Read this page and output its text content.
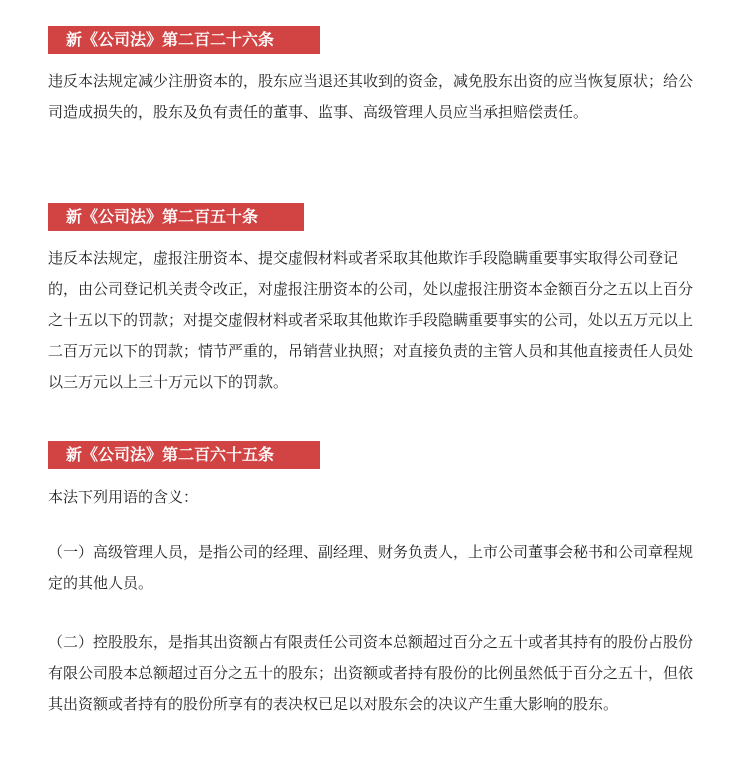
新《公司法》第二百二十六条
违反本法规定减少注册资本的，股东应当退还其收到的资金，减免股东出资的应当恢复原状；给公司造成损失的，股东及负有责任的董事、监事、高级管理人员应当承担赔偿责任。
新《公司法》第二百五十条
违反本法规定，虚报注册资本、提交虚假材料或者采取其他欺诈手段隐瞒重要事实取得公司登记的，由公司登记机关责令改正，对虚报注册资本的公司，处以虚报注册资本金额百分之五以上百分之十五以下的罚款；对提交虚假材料或者采取其他欺诈手段隐瞒重要事实的公司，处以五万元以上二百万元以下的罚款；情节严重的，吊销营业执照；对直接负责的主管人员和其他直接责任人员处以三万元以上三十万元以下的罚款。
新《公司法》第二百六十五条
本法下列用语的含义：
（一）高级管理人员，是指公司的经理、副经理、财务负责人，上市公司董事会秘书和公司章程规定的其他人员。
（二）控股股东，是指其出资额占有限责任公司资本总额超过百分之五十或者其持有的股份占股份有限公司股本总额超过百分之五十的股东；出资额或者持有股份的比例虽然低于百分之五十，但依其出资额或者持有的股份所享有的表决权已足以对股东会的决议产生重大影响的股东。
